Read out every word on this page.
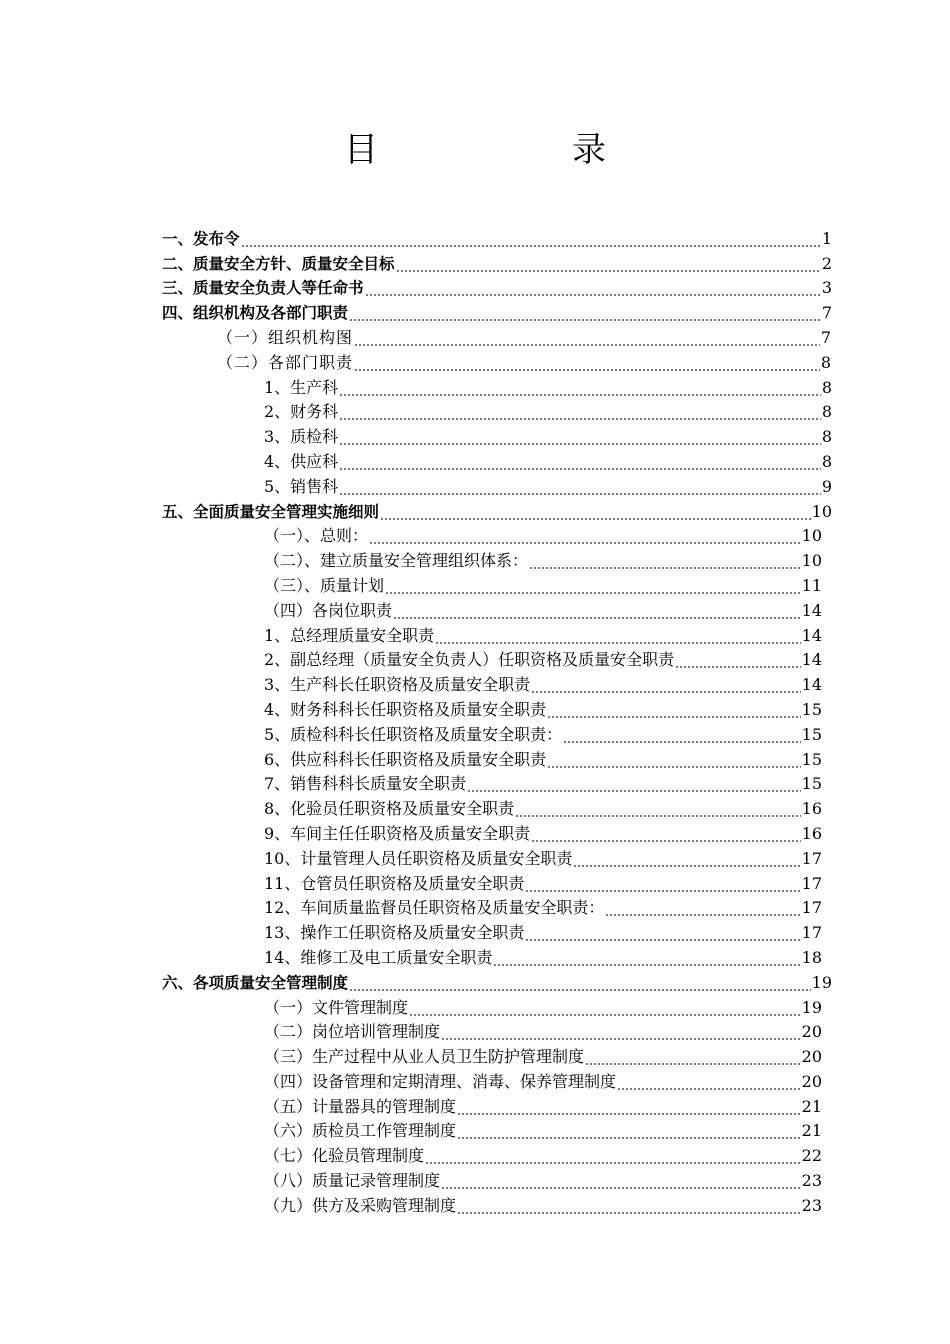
目　录
一、发布令	1
二、质量安全方针、质量安全目标	2
三、质量安全负责人等任命书	3
四、组织机构及各部门职责	7
（一）组织机构图	7
（二）各部门职责	8
1、生产科	8
2、财务科	8
3、质检科	8
4、供应科	8
5、销售科	9
五、全面质量安全管理实施细则	10
（一）、总则：	10
（二）、建立质量安全管理组织体系：	10
（三）、质量计划	11
（四）各岗位职责	14
1、总经理质量安全职责	14
2、副总经理（质量安全负责人）任职资格及质量安全职责	14
3、生产科长任职资格及质量安全职责	14
4、财务科科长任职资格及质量安全职责	15
5、质检科科长任职资格及质量安全职责：	15
6、供应科科长任职资格及质量安全职责	15
7、销售科科长质量安全职责	15
8、化验员任职资格及质量安全职责	16
9、车间主任任职资格及质量安全职责	16
10、计量管理人员任职资格及质量安全职责	17
11、仓管员任职资格及质量安全职责	17
12、车间质量监督员任职资格及质量安全职责：	17
13、操作工任职资格及质量安全职责	17
14、维修工及电工质量安全职责	18
六、各项质量安全管理制度	19
（一）文件管理制度	19
（二）岗位培训管理制度	20
（三）生产过程中从业人员卫生防护管理制度	20
（四）设备管理和定期清理、消毒、保养管理制度	20
（五）计量器具的管理制度	21
（六）质检员工作管理制度	21
（七）化验员管理制度	22
（八）质量记录管理制度	23
（九）供方及采购管理制度	23
